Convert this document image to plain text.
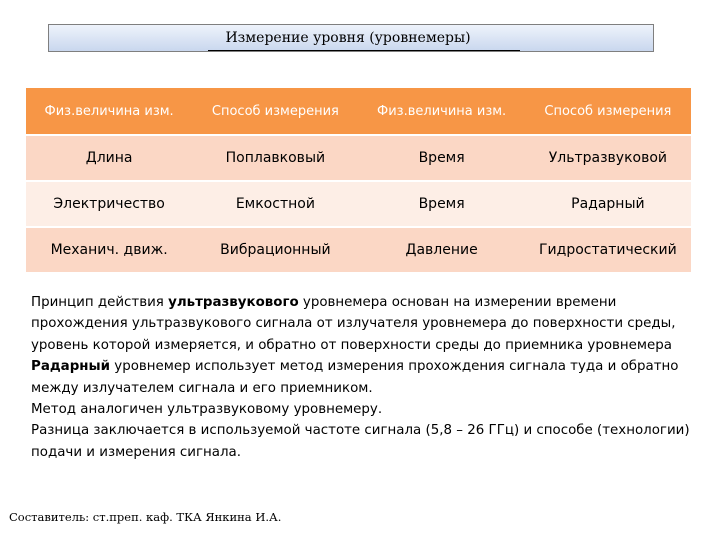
Измерение уровня (уровнемеры)
Физ.величина изм.	Способ измерения	Физ.величина изм.	Способ измерения
Длина	Поплавковый	Время	Ультразвуковой
Электричество	Емкостной	Время	Радарный
Механич. движ.	Вибрационный	Давление	Гидростатический

Принцип действия ультразвукового уровнемера основан на измерении времени прохождения ультразвукового сигнала от излучателя уровнемера до поверхности среды, уровень которой измеряется, и обратно от поверхности среды до приемника уровнемера

Радарный уровнемер использует метод измерения прохождения сигнала туда и обратно между излучателем сигнала и его приемником.

Метод аналогичен ультразвуковому уровнемеру.

Разница заключается в используемой частоте сигнала (5,8 – 26 ГГц) и способе (технологии) подачи и измерения сигнала.

Составитель: ст.преп. каф. ТКА Янкина И.А.
